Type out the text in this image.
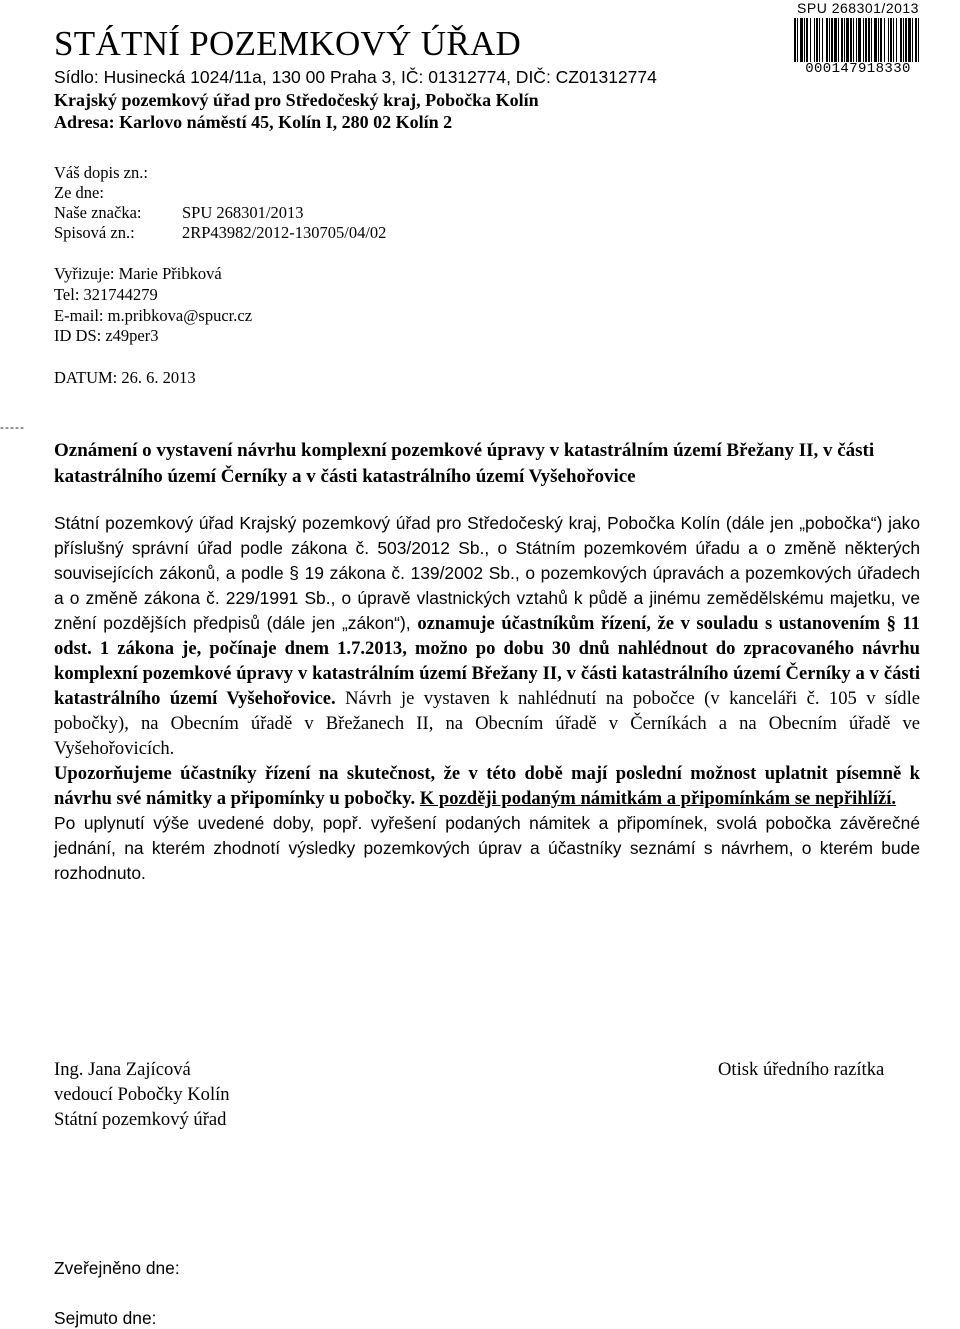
STÁTNÍ POZEMKOVÝ ÚŘAD
Sídlo: Husinecká 1024/11a, 130 00 Praha 3, IČ: 01312774, DIČ: CZ01312774
Krajský pozemkový úřad pro Středočeský kraj, Pobočka Kolín
Adresa: Karlovo náměstí 45, Kolín I, 280 02 Kolín 2
SPU 268301/2013
000147918330
Váš dopis zn.:
Ze dne:
Naše značka: SPU 268301/2013
Spisová zn.:	2RP43982/2012-130705/04/02
Vyřizuje: Marie Přibková
Tel: 321744279
E-mail: m.pribkova@spucr.cz
ID DS: z49per3
DATUM: 26. 6. 2013
-----
Oznámení o vystavení návrhu komplexní pozemkové úpravy v katastrálním území Břežany II, v části katastrálního území Černíky a v části katastrálního území Vyšehořovice

Státní pozemkový úřad Krajský pozemkový úřad pro Středočeský kraj, Pobočka Kolín (dále jen „pobočka“) jako příslušný správní úřad podle zákona č. 503/2012 Sb., o Státním pozemkovém úřadu a o změně některých souvisejících zákonů, a podle § 19 zákona č. 139/2002 Sb., o pozemkových úpravách a pozemkových úřadech a o změně zákona č. 229/1991 Sb., o úpravě vlastnických vztahů k půdě a jinému zemědělskému majetku, ve znění pozdějších předpisů (dále jen „zákon“), oznamuje účastníkům řízení, že v souladu s ustanovením § 11 odst. 1 zákona je, počínaje dnem 1.7.2013, možno po dobu 30 dnů nahlédnout do zpracovaného návrhu komplexní pozemkové úpravy v katastrálním území Břežany II, v části katastrálního území Černíky a v části katastrálního území Vyšehořovice. Návrh je vystaven k nahlédnutí na pobočce (v kanceláři č. 105 v sídle pobočky), na Obecním úřadě v Břežanech II, na Obecním úřadě v Černíkách a na Obecním úřadě ve Vyšehořovicích.

Upozorňujeme účastníky řízení na skutečnost, že v této době mají poslední možnost uplatnit písemně k návrhu své námitky a připomínky u pobočky. K později podaným námitkám a připomínkám se nepřihlíží.

Po uplynutí výše uvedené doby, popř. vyřešení podaných námitek a připomínek, svolá pobočka závěrečné jednání, na kterém zhodnotí výsledky pozemkových úprav a účastníky seznámí s návrhem, o kterém bude rozhodnuto.

Ing. Jana Zajícová
vedoucí Pobočky Kolín
Státní pozemkový úřad
Otisk úředního razítka
Zveřejněno dne:
Sejmuto dne:
